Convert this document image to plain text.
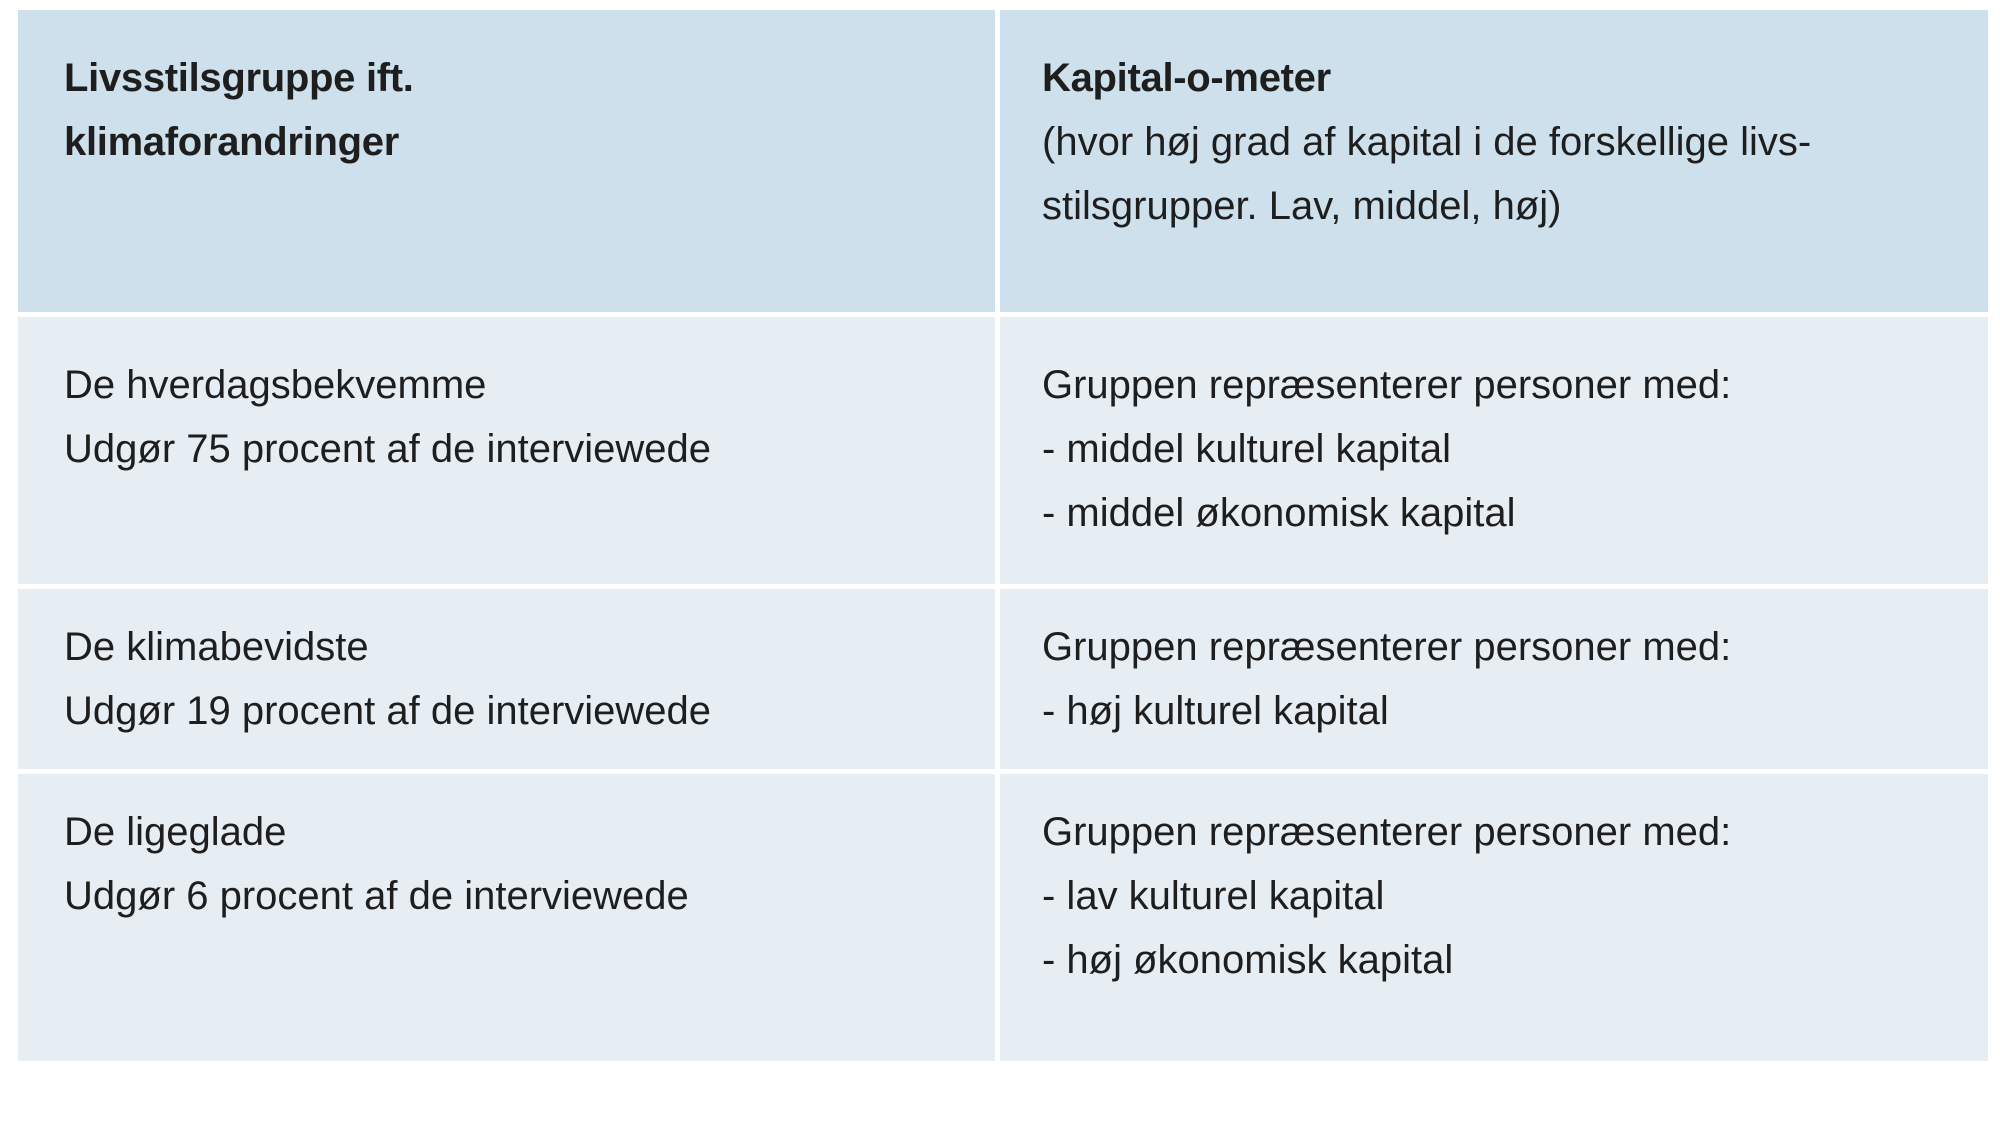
Livsstilsgruppe ift.
klimaforandringer
Kapital-o-meter
(hvor høj grad af kapital i de forskellige livs-
stilsgrupper. Lav, middel, høj)
De hverdagsbekvemme
Udgør 75 procent af de interviewede
Gruppen repræsenterer personer med:
- middel kulturel kapital
- middel økonomisk kapital
De klimabevidste
Udgør 19 procent af de interviewede
Gruppen repræsenterer personer med:
- høj kulturel kapital
De ligeglade
Udgør 6 procent af de interviewede
Gruppen repræsenterer personer med:
- lav kulturel kapital
- høj økonomisk kapital
